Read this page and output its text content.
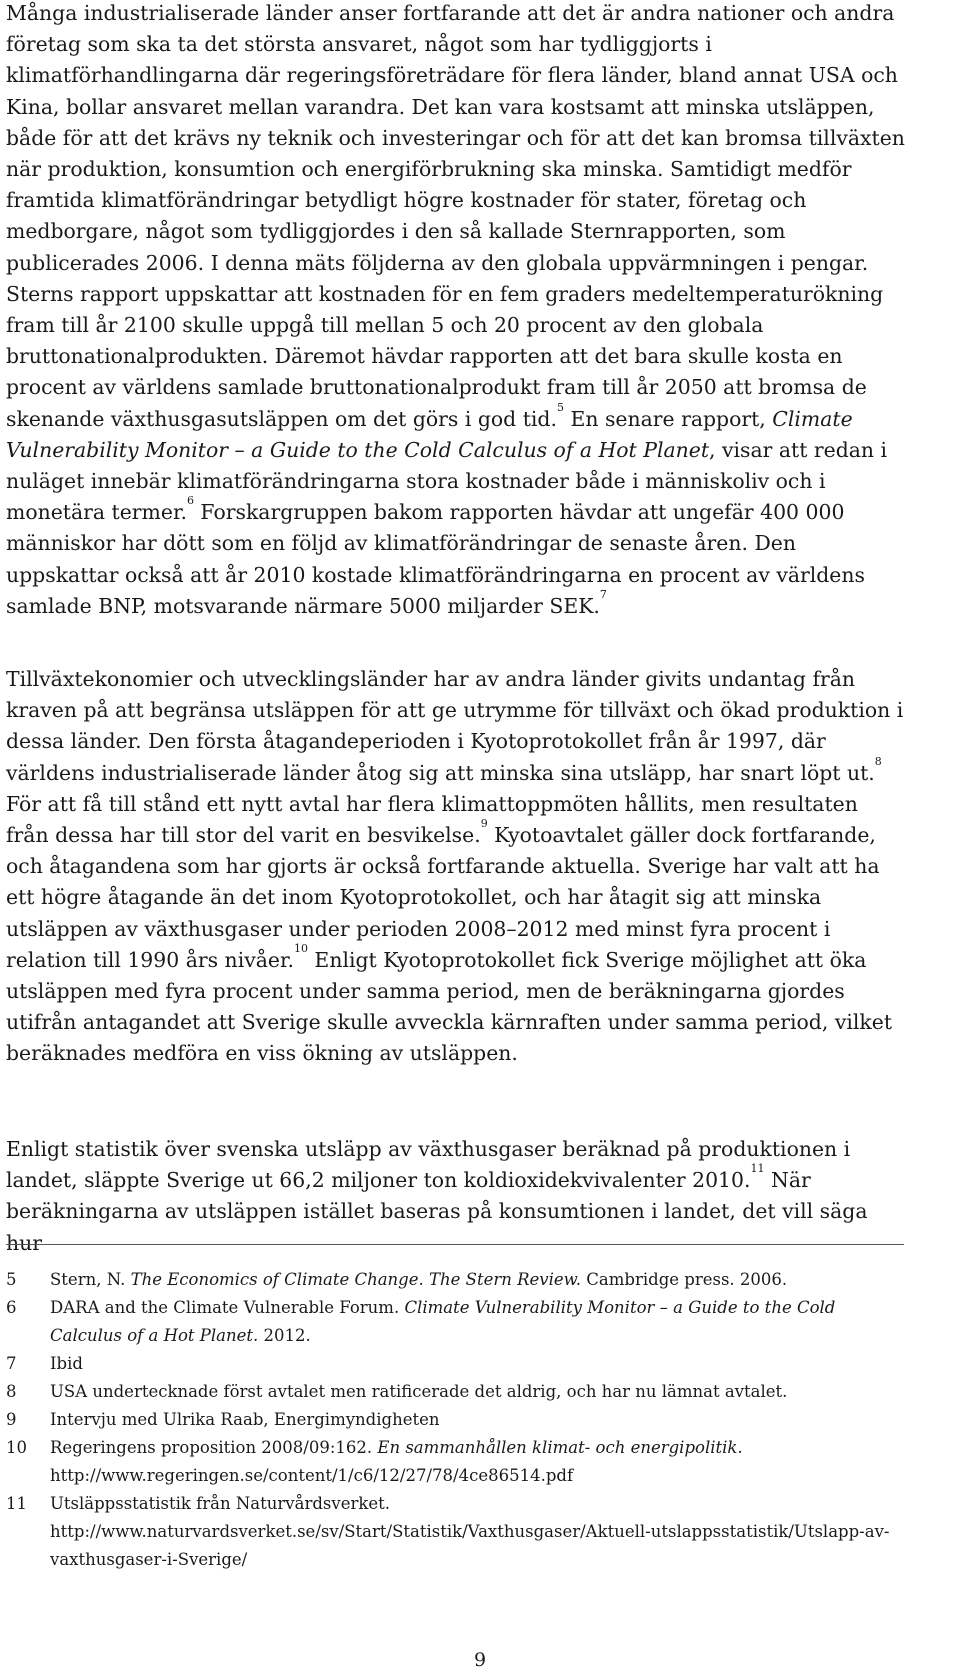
Många industrialiserade länder anser fortfarande att det är andra nationer och andra företag som ska ta det största ansvaret, något som har tydliggjorts i klimatförhandlingarna där regeringsföreträdare för flera länder, bland annat USA och Kina, bollar ansvaret mellan varandra. Det kan vara kostsamt att minska utsläppen, både för att det krävs ny teknik och investeringar och för att det kan bromsa tillväxten när produktion, konsumtion och energiförbrukning ska minska. Samtidigt medför framtida klimatförändringar betydligt högre kostnader för stater, företag och medborgare, något som tydliggjordes i den så kallade Sternrapporten, som publicerades 2006. I denna mäts följderna av den globala uppvärmningen i pengar. Sterns rapport uppskattar att kostnaden för en fem graders medeltemperaturökning fram till år 2100 skulle uppgå till mellan 5 och 20 procent av den globala bruttonationalprodukten. Däremot hävdar rapporten att det bara skulle kosta en procent av världens samlade bruttonationalprodukt fram till år 2050 att bromsa de skenande växthusgasutsläppen om det görs i god tid.$^5$ En senare rapport, Climate Vulnerability Monitor – a Guide to the Cold Calculus of a Hot Planet, visar att redan i nuläget innebär klimatförändringarna stora kostnader både i människoliv och i monetära termer.$^6$ Forskargruppen bakom rapporten hävdar att ungefär 400 000 människor har dött som en följd av klimatförändringar de senaste åren. Den uppskattar också att år 2010 kostade klimatförändringarna en procent av världens samlade BNP, motsvarande närmare 5000 miljarder SEK.$^7$

Tillväxtekonomier och utvecklingsländer har av andra länder givits undantag från kraven på att begränsa utsläppen för att ge utrymme för tillväxt och ökad produktion i dessa länder. Den första åtagandeperioden i Kyotoprotokollet från år 1997, där världens industrialiserade länder åtog sig att minska sina utsläpp, har snart löpt ut.$^8$ För att få till stånd ett nytt avtal har flera klimattoppmöten hållits, men resultaten från dessa har till stor del varit en besvikelse.$^9$ Kyotoavtalet gäller dock fortfarande, och åtagandena som har gjorts är också fortfarande aktuella. Sverige har valt att ha ett högre åtagande än det inom Kyotoprotokollet, och har åtagit sig att minska utsläppen av växthusgaser under perioden 2008–2012 med minst fyra procent i relation till 1990 års nivåer.$^{10}$ Enligt Kyotoprotokollet fick Sverige möjlighet att öka utsläppen med fyra procent under samma period, men de beräkningarna gjordes utifrån antagandet att Sverige skulle avveckla kärnraften under samma period, vilket beräknades medföra en viss ökning av utsläppen.

Enligt statistik över svenska utsläpp av växthusgaser beräknad på produktionen i landet, släppte Sverige ut 66,2 miljoner ton koldioxidekvivalenter 2010.11 När beräkningarna av utsläppen istället baseras på konsumtionen i landet, det vill säga hur

5	Stern, N. The Economics of Climate Change. The Stern Review. Cambridge press. 2006.
6	DARA and the Climate Vulnerable Forum. Climate Vulnerability Monitor – a Guide to the Cold Calculus of a Hot Planet. 2012.
7	Ibid
8	USA undertecknade först avtalet men ratificerade det aldrig, och har nu lämnat avtalet.
9	Intervju med Ulrika Raab, Energimyndigheten
10	Regeringens proposition 2008/09:162. En sammanhållen klimat- och energipolitik. http://www.regeringen.se/content/1/c6/12/27/78/4ce86514.pdf
11	Utsläppsstatistik från Naturvårdsverket. http://www.naturvardsverket.se/sv/Start/Statistik/Vaxthusgaser/Aktuell-utslappsstatistik/Utslapp-av-vaxthusgaser-i-Sverige/
9
